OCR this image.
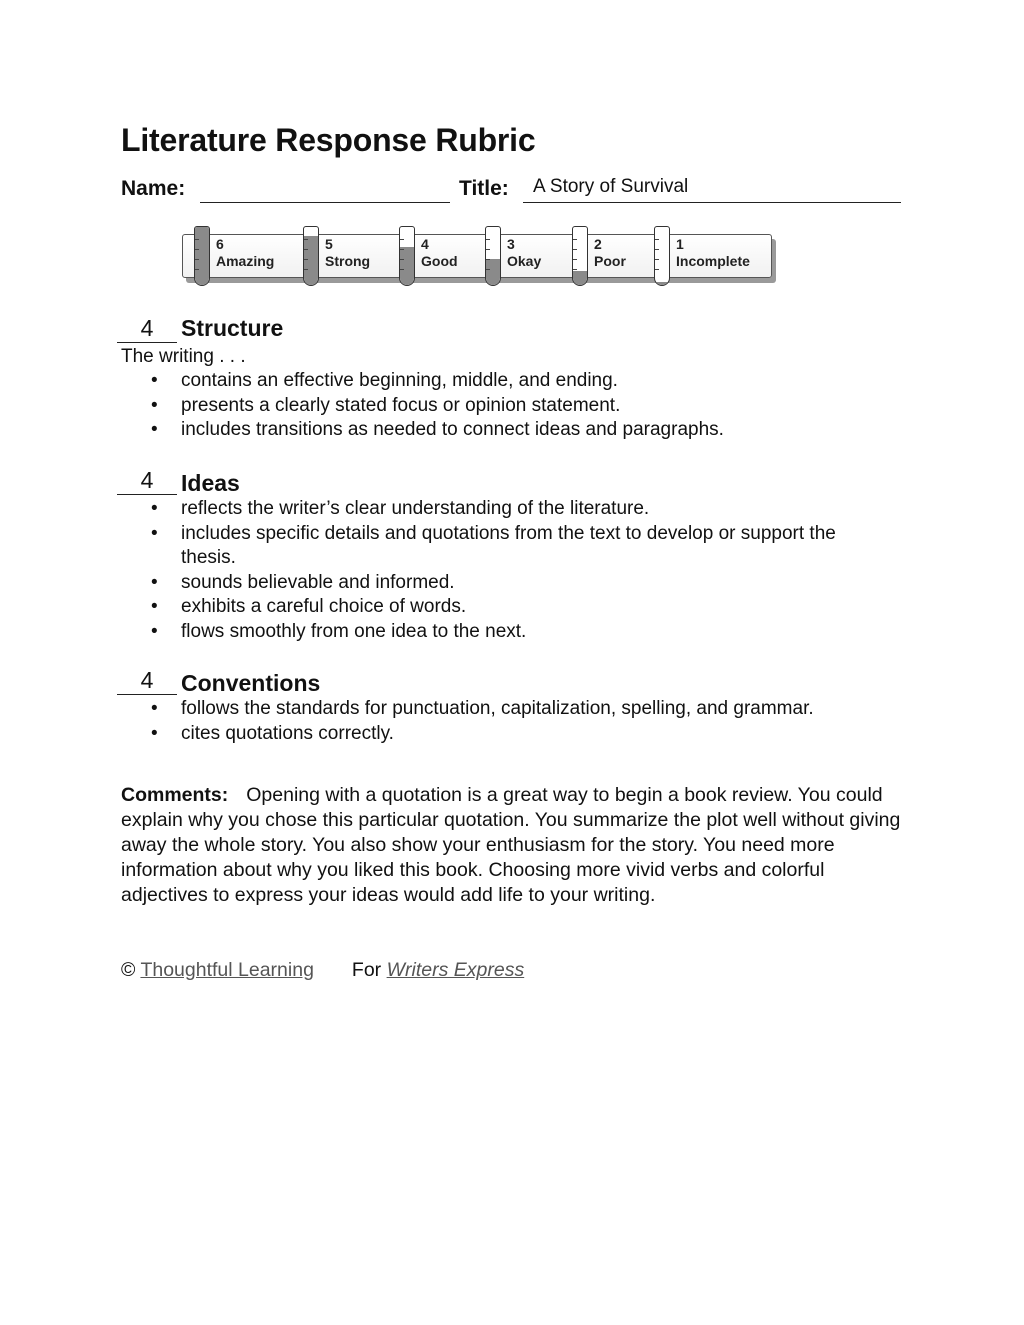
Literature Response Rubric
Name:	Title: A Story of Survival
6
Amazing
5
Strong
4
Good
3
Okay
2
Poor
1
Incomplete
4	Structure
The writing . . .
• contains an effective beginning, middle, and ending.
• presents a clearly stated focus or opinion statement.
• includes transitions as needed to connect ideas and paragraphs.
4	Ideas
• reflects the writer’s clear understanding of the literature.
• includes specific details and quotations from the text to develop or support the thesis.
• sounds believable and informed.
• exhibits a careful choice of words.
• flows smoothly from one idea to the next.
4	Conventions
• follows the standards for punctuation, capitalization, spelling, and grammar.
• cites quotations correctly.
Comments: Opening with a quotation is a great way to begin a book review. You could explain why you chose this particular quotation. You summarize the plot well without giving away the whole story. You also show your enthusiasm for the story. You need more information about why you liked this book. Choosing more vivid verbs and colorful adjectives to express your ideas would add life to your writing.
© Thoughtful Learning For Writers Express
